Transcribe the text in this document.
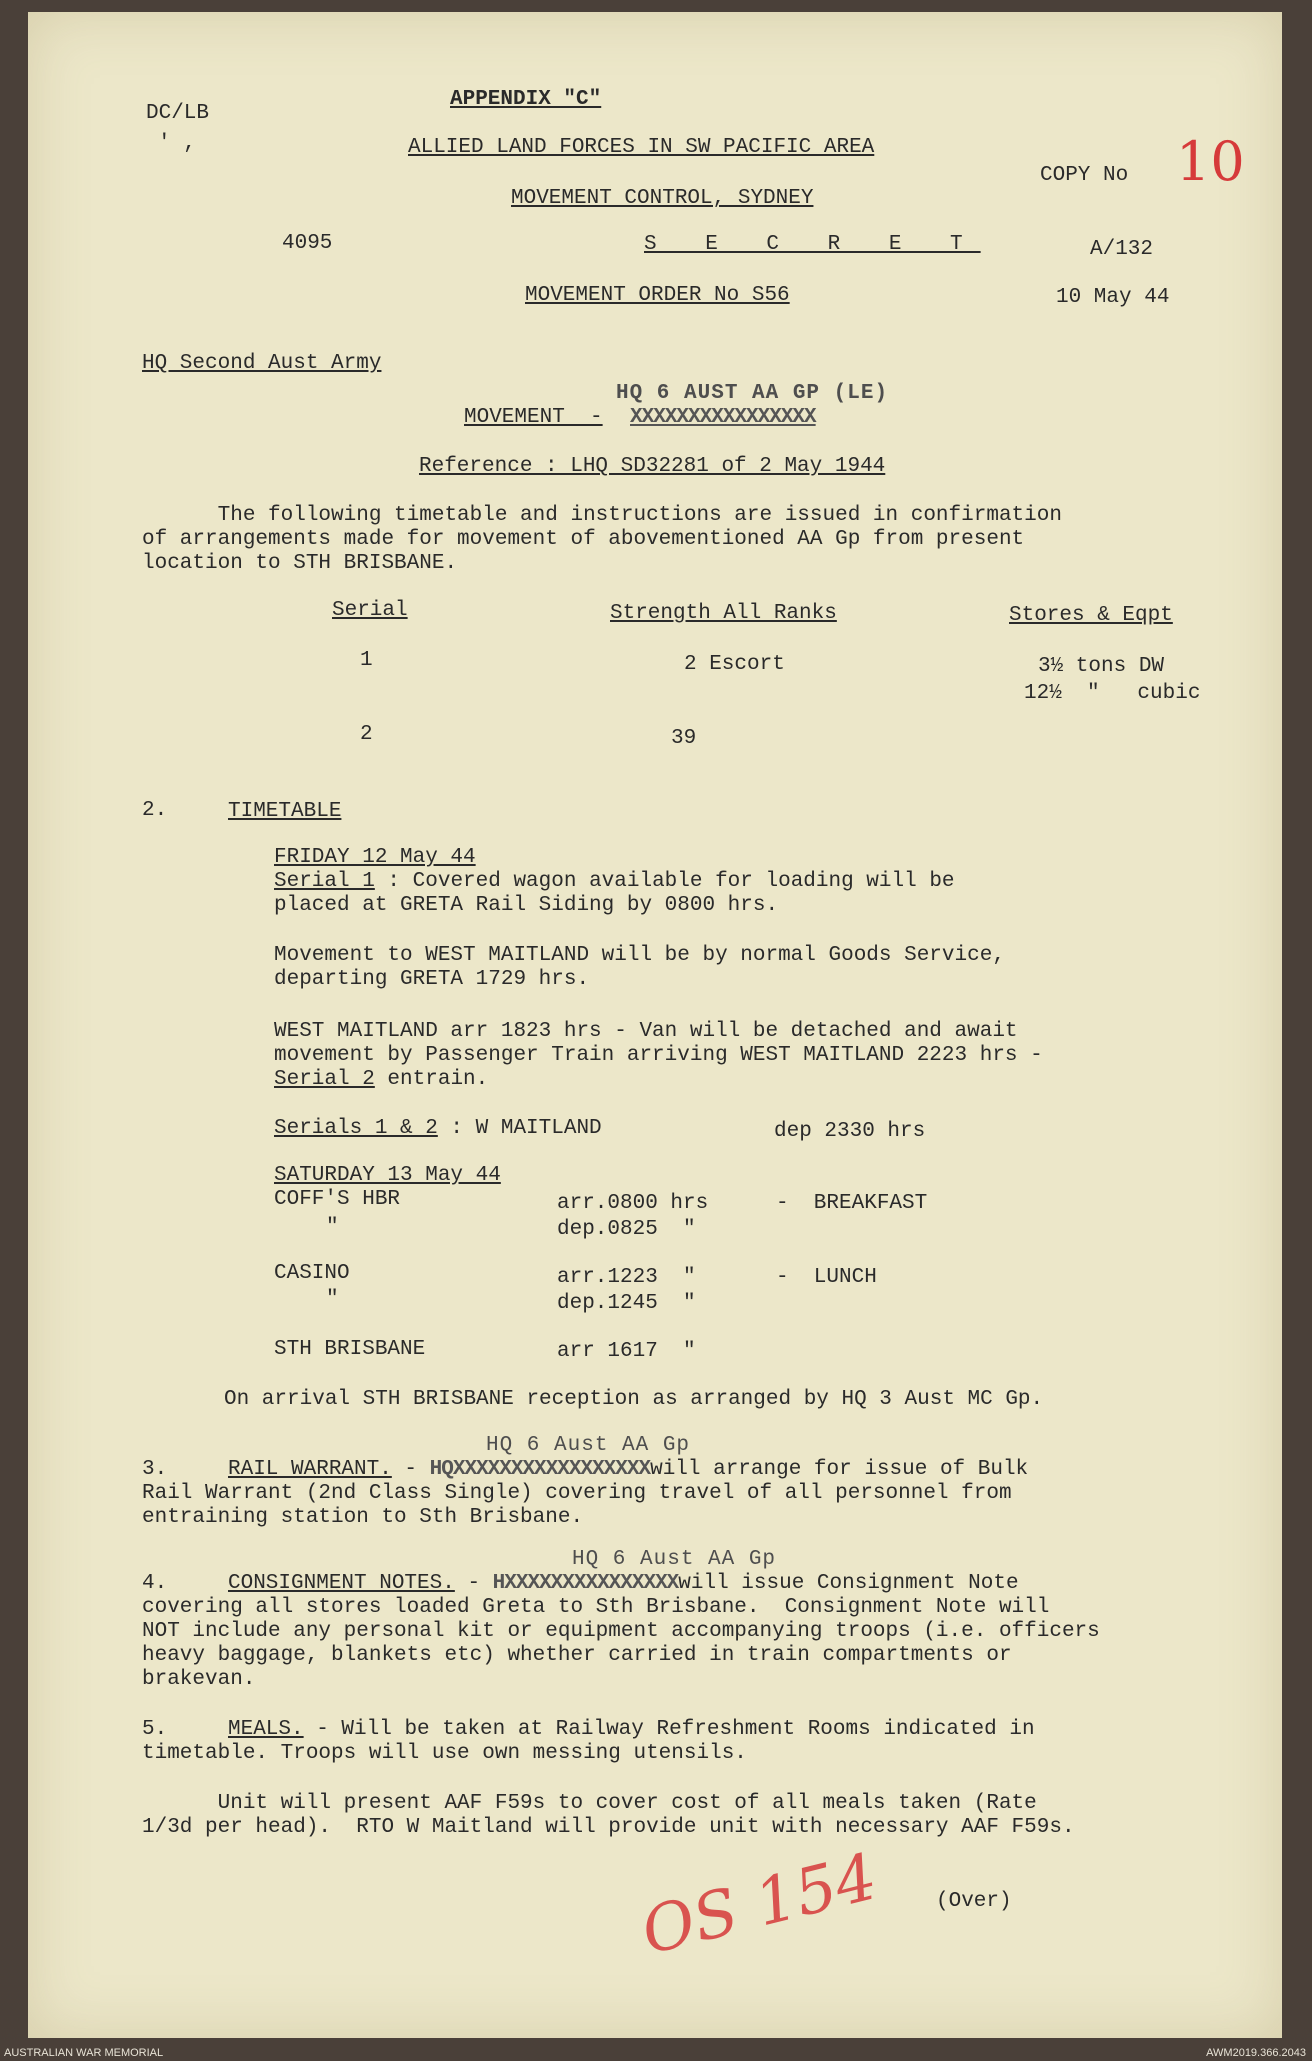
DC/LB
' ,
APPENDIX "C"
ALLIED LAND FORCES IN SW PACIFIC AREA
MOVEMENT CONTROL, SYDNEY
COPY No 10
4095	S E C R E T	A/132
MOVEMENT ORDER No S56	10 May 44
HQ Second Aust Army
HQ 6 AUST AA GP (LE)
MOVEMENT  - XXXXXXXXXXXXXXXX
Reference : LHQ SD32281 of 2 May 1944
The following timetable and instructions are issued in confirmation
of arrangements made for movement of abovementioned AA Gp from present
location to STH BRISBANE.
Serial	Strength All Ranks	Stores & Eqpt
1	2 Escort	3½ tons DW
12½  "   cubic
2	39
2.	TIMETABLE
FRIDAY 12 May 44
Serial 1 : Covered wagon available for loading will be
placed at GRETA Rail Siding by 0800 hrs.
Movement to WEST MAITLAND will be by normal Goods Service,
departing GRETA 1729 hrs.
WEST MAITLAND arr 1823 hrs - Van will be detached and await
movement by Passenger Train arriving WEST MAITLAND 2223 hrs -
Serial 2 entrain.
Serials 1 & 2 : W MAITLAND	dep 2330 hrs
SATURDAY 13 May 44
COFF'S HBR	arr.0800 hrs	-  BREAKFAST
"	dep.0825  "
CASINO	arr.1223  "	-  LUNCH
"	dep.1245  "
STH BRISBANE	arr 1617  "
On arrival STH BRISBANE reception as arranged by HQ 3 Aust MC Gp.
HQ 6 Aust AA Gp
3.	RAIL WARRANT. - HQXXXXXXXXXXXXXXXXXwill arrange for issue of Bulk
Rail Warrant (2nd Class Single) covering travel of all personnel from
entraining station to Sth Brisbane.
HQ 6 Aust AA Gp
4.	CONSIGNMENT NOTES. - HXXXXXXXXXXXXXXXwill issue Consignment Note
covering all stores loaded Greta to Sth Brisbane.  Consignment Note will
NOT include any personal kit or equipment accompanying troops (i.e. officers
heavy baggage, blankets etc) whether carried in train compartments or
brakevan.
5.	MEALS. - Will be taken at Railway Refreshment Rooms indicated in
timetable. Troops will use own messing utensils.
Unit will present AAF F59s to cover cost of all meals taken (Rate
1/3d per head).  RTO W Maitland will provide unit with necessary AAF F59s.
OS 154 (Over)
AUSTRALIAN WAR MEMORIAL	AWM2019.366.2043
